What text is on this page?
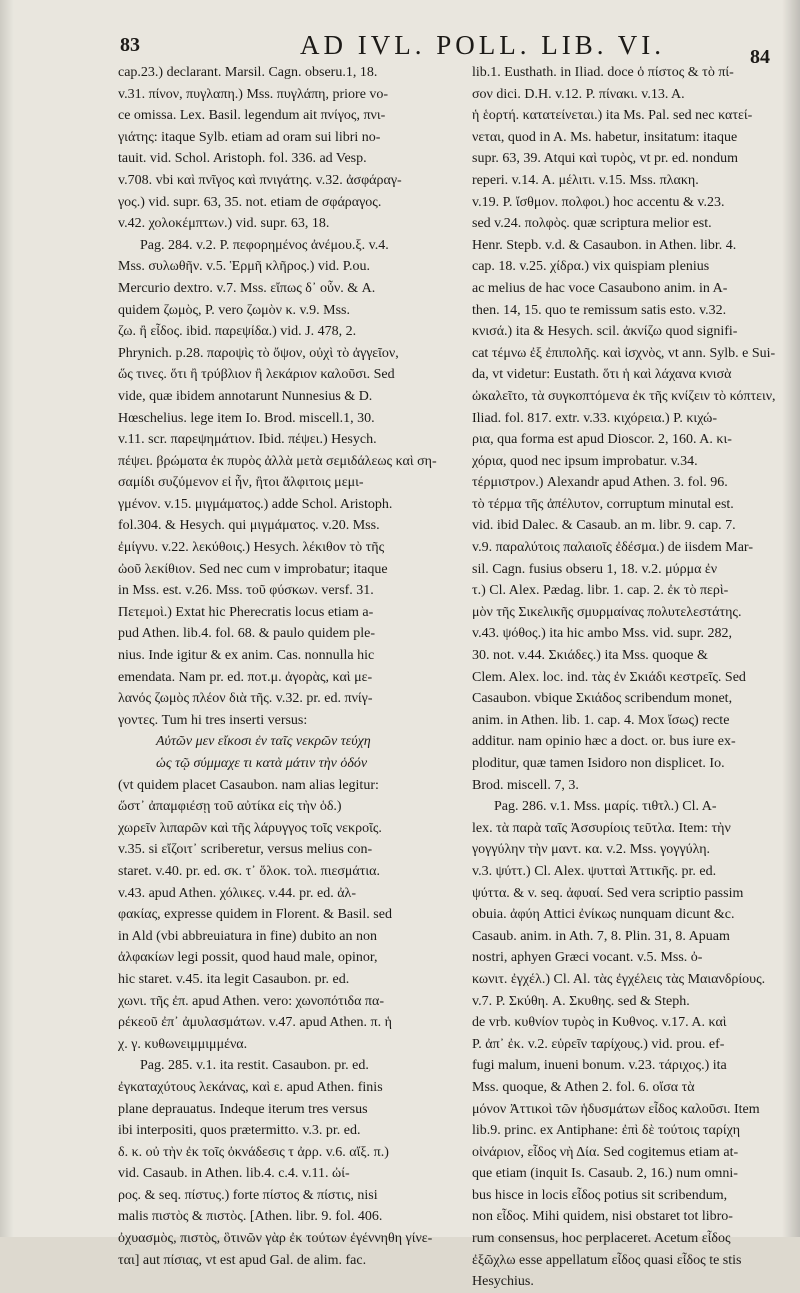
83	AD IVL. POLL. LIB. VI.	84
cap.23.) declarant. Marsil. Cagn. obseru.1, 18.
v.31. πίνον, πυγλαπη.) Mss. πυγλάπη, priore vo-
ce omissa. Lex. Basil. legendum ait πνίγος, πνι-
γιάτης: itaque Sylb. etiam ad oram sui libri no-
tauit. vid. Schol. Aristoph. fol. 336. ad Vesp.
v.708. vbi καὶ πνῖγος καὶ πνιγάτης. v.32. ἀσφάραγ-
γος.) vid. supr. 63, 35. not. etiam de σφάραγος.
v.42. χολοκέμπτων.) vid. supr. 63, 18.
Pag. 284. v.2. P. πεφορημένος ἀνέμου.ξ. v.4.
Mss. συλωθῆν. v.5. Ἑρμῆ κλῆρος.) vid. P.ou.
Mercurio dextro. v.7. Mss. εἴπως δ᾽ οὖν. & A.
quidem ζωμὸς, P. vero ζωμὸν κ. v.9. Mss.
ζω. ἢ εἶδος. ibid. παρεψίδα.) vid. J. 478, 2.
Phrynich. p.28. παροψὶς τὸ ὄψον, οὐχὶ τὸ ἀγγεῖον,
ὥς τινες. ὅτι ἢ τρύβλιον ἢ λεκάριον καλοῦσι. Sed
vide, quæ ibidem annotarunt Nunnesius & D.
Hœschelius. lege item Io. Brod. miscell.1, 30.
v.11. scr. παρεψημάτιον. Ibid. πέψει.) Hesych.
πέψει. βρώματα ἐκ πυρὸς ἀλλὰ μετὰ σεμιδάλεως καὶ ση-
σαμίδι συζύμενον εἰ ἦν, ἢτοι ἄλφιτοις μεμι-
γμένον. v.15. μιγμάματος.) adde Schol. Aristoph.
fol.304. & Hesych. qui μιγμάματος. v.20. Mss.
ἐμίγνυ. v.22. λεκύθοις.) Hesych. λέκιθον τὸ τῆς
ὠοῦ λεκίθιον. Sed nec cum ν improbatur; itaque
in Mss. est. v.26. Mss. τοῦ φύσκων. versf. 31.
Πετεμοὶ.) Extat hic Pherecratis locus etiam a-
pud Athen. lib.4. fol. 68. & paulo quidem ple-
nius. Inde igitur & ex anim. Cas. nonnulla hic
emendata. Nam pr. ed. ποτ.μ. ἀγορὰς, καὶ με-
λανός ζωμὸς πλέον διὰ τῆς. v.32. pr. ed. πνίγ-
γοντες. Tum hi tres inserti versus:
Αὐτῶν μεν εἴκοσι ἐν ταῖς νεκρῶν τεύχη
ὡς τῷ σύμμαχε τι κατὰ μάτιν τὴν ὁδόν
(vt quidem placet Casaubon. nam alias legitur:
ὥστ᾽ ἀπαμφιέσῃ τοῦ αὐτίκα εἰς τὴν ὁδ.)
χωρεῖν λιπαρῶν καὶ τῆς λάρυγγος τοῖς νεκροῖς.
v.35. si εἴζοιτ᾽ scriberetur, versus melius con-
staret. v.40. pr. ed. σκ. τ᾽ ὅλοκ. τολ. πιεσμάτια.
v.43. apud Athen. χόλικες. v.44. pr. ed. ἀλ-
φακίας, expresse quidem in Florent. & Basil. sed
in Ald (vbi abbreuiatura in fine) dubito an non
ἀλφακίων legi possit, quod haud male, opinor,
hic staret. v.45. ita legit Casaubon. pr. ed.
χωνι. τῆς ἐπ. apud Athen. vero: χωνοπότιδα πα-
ρέκεοῦ ἐπ᾽ ἀμυλασμάτων. v.47. apud Athen. π. ἡ
χ. γ. κυθωνειμμιμμένα.
Pag. 285. v.1. ita restit. Casaubon. pr. ed.
ἐγκαταχύτους λεκάνας, καὶ ε. apud Athen. finis
plane deprauatus. Indeque iterum tres versus
ibi interpositi, quos prætermitto. v.3. pr. ed.
δ. κ. οὐ τὴν ἐκ τοῖς ὀκνάδεσις τ ἀρρ. v.6. αἴξ. π.)
vid. Casaub. in Athen. lib.4. c.4. v.11. ὠί-
ρος. & seq. πίστυς.) forte πίστος & πίστις, nisi
malis πιστὸς & πιστὸς. [Athen. libr. 9. fol. 406.
ὀχυασμὸς, πιστὸς, ὃτινῶν γὰρ ἐκ τούτων ἐγέννηθη γίνε-
ται] aut πίσιας, vt est apud Gal. de alim. fac.
lib.1. Eusthath. in Iliad. doce ὁ πίστος & τὸ πί-
σον dici. D.H. v.12. P. πίνακι. v.13. A.
ἡ ἑορτή. κατατείνεται.) ita Ms. Pal. sed nec κατεί-
νεται, quod in A. Ms. habetur, insitatum: itaque
supr. 63, 39. Atqui καὶ τυρὸς, vt pr. ed. nondum
reperi. v.14. A. μέλιτι. v.15. Mss. πλακη.
v.19. P. ἴσθμον. πολφοι.) hoc accentu & v.23.
sed v.24. πολφὸς. quæ scriptura melior est.
Henr. Stepb. v.d. & Casaubon. in Athen. libr. 4.
cap. 18. v.25. χίδρα.) vix quispiam plenius
ac melius de hac voce Casaubono anim. in A-
then. 14, 15. quo te remissum satis esto. v.32.
κνισά.) ita & Hesych. scil. ἀκνίζω quod signifi-
cat τέμνω ἐξ ἐπιπολῆς. καὶ ἰσχνὸς, vt ann. Sylb. e Sui-
da, vt videtur: Eustath. ὅτι ἡ καὶ λάχανα κνισὰ
ὠκαλεῖτο, τὰ συγκοπτόμενα ἐκ τῆς κνίζειν τὸ κόπτειν,
Iliad. fol. 817. extr. v.33. κιχόρεια.) P. κιχώ-
ρια, qua forma est apud Dioscor. 2, 160. A. κι-
χόρια, quod nec ipsum improbatur. v.34.
τέρμιστρον.) Alexandr apud Athen. 3. fol. 96.
τὸ τέρμα τῆς ἀπέλυτον, corruptum minutal est.
vid. ibid Dalec. & Casaub. an m. libr. 9. cap. 7.
v.9. παραλύτοις παλαιοῖς ἐδέσμα.) de iisdem Mar-
sil. Cagn. fusius obseru 1, 18. v.2. μύρμα ἐν
τ.) Cl. Alex. Pædag. libr. 1. cap. 2. ἐκ τὸ περὶ-
μὸν τῆς Σικελικῆς σμυρμαίνας πολυτελεστάτης.
v.43. ψόθος.) ita hic ambo Mss. vid. supr. 282,
30. not. v.44. Σκιάδες.) ita Mss. quoque &
Clem. Alex. loc. ind. τὰς ἐν Σκιάδι κεστρεῖς. Sed
Casaubon. vbique Σκιάδος scribendum monet,
anim. in Athen. lib. 1. cap. 4. Mox ἴσως) recte
additur. nam opinio hæc a doct. or. bus iure ex-
ploditur, quæ tamen Isidoro non displicet. Io.
Brod. miscell. 7, 3.
Pag. 286. v.1. Mss. μαρίς. τιθτλ.) Cl. A-
lex. τὰ παρὰ ταῖς Ἀσσυρίοις τεῦτλα. Item: τὴν
γογγύλην τὴν μαντ. κα. v.2. Mss. γογγύλη.
v.3. ψύττ.) Cl. Alex. ψυτταὶ Ἀττικῆς. pr. ed.
ψύττα. & v. seq. ἀφυαί. Sed vera scriptio passim
obuia. ἀφύη Attici ἐνίκως nunquam dicunt &c.
Casaub. anim. in Ath. 7, 8. Plin. 31, 8. Apuam
nostri, aphyen Græci vocant. v.5. Mss. ὀ-
κωνιτ. ἐγχέλ.) Cl. Al. τὰς ἐγχέλεις τὰς Μαιανδρίους.
v.7. P. Σκύθη. A. Σκυθης. sed & Steph.
de vrb. κυθνίον τυρὸς in Κυθνος. v.17. A. καὶ
P. ἀπ᾽ ἐκ. v.2. εὑρεῖν ταρίχους.) vid. prou. ef-
fugi malum, inueni bonum. v.23. τάριχος.) ita
Mss. quoque, & Athen 2. fol. 6. οἴσα τὰ
μόνον Ἀττικοὶ τῶν ἡδυσμάτων εἶδος καλοῦσι. Item
lib.9. princ. ex Antiphane: ἐπὶ δὲ τούτοις ταρίχη
οἰνάριον, εἶδος νὴ Δία. Sed cogitemus etiam at-
que etiam (inquit Is. Casaub. 2, 16.) num omni-
bus hisce in locis εἶδος potius sit scribendum,
non εἶδος. Mihi quidem, nisi obstaret tot libro-
rum consensus, hoc perplaceret. Acetum εἶδος
ἐξῶχλω esse appellatum εἶδος quasi εἶδος te stis
Hesychius.
